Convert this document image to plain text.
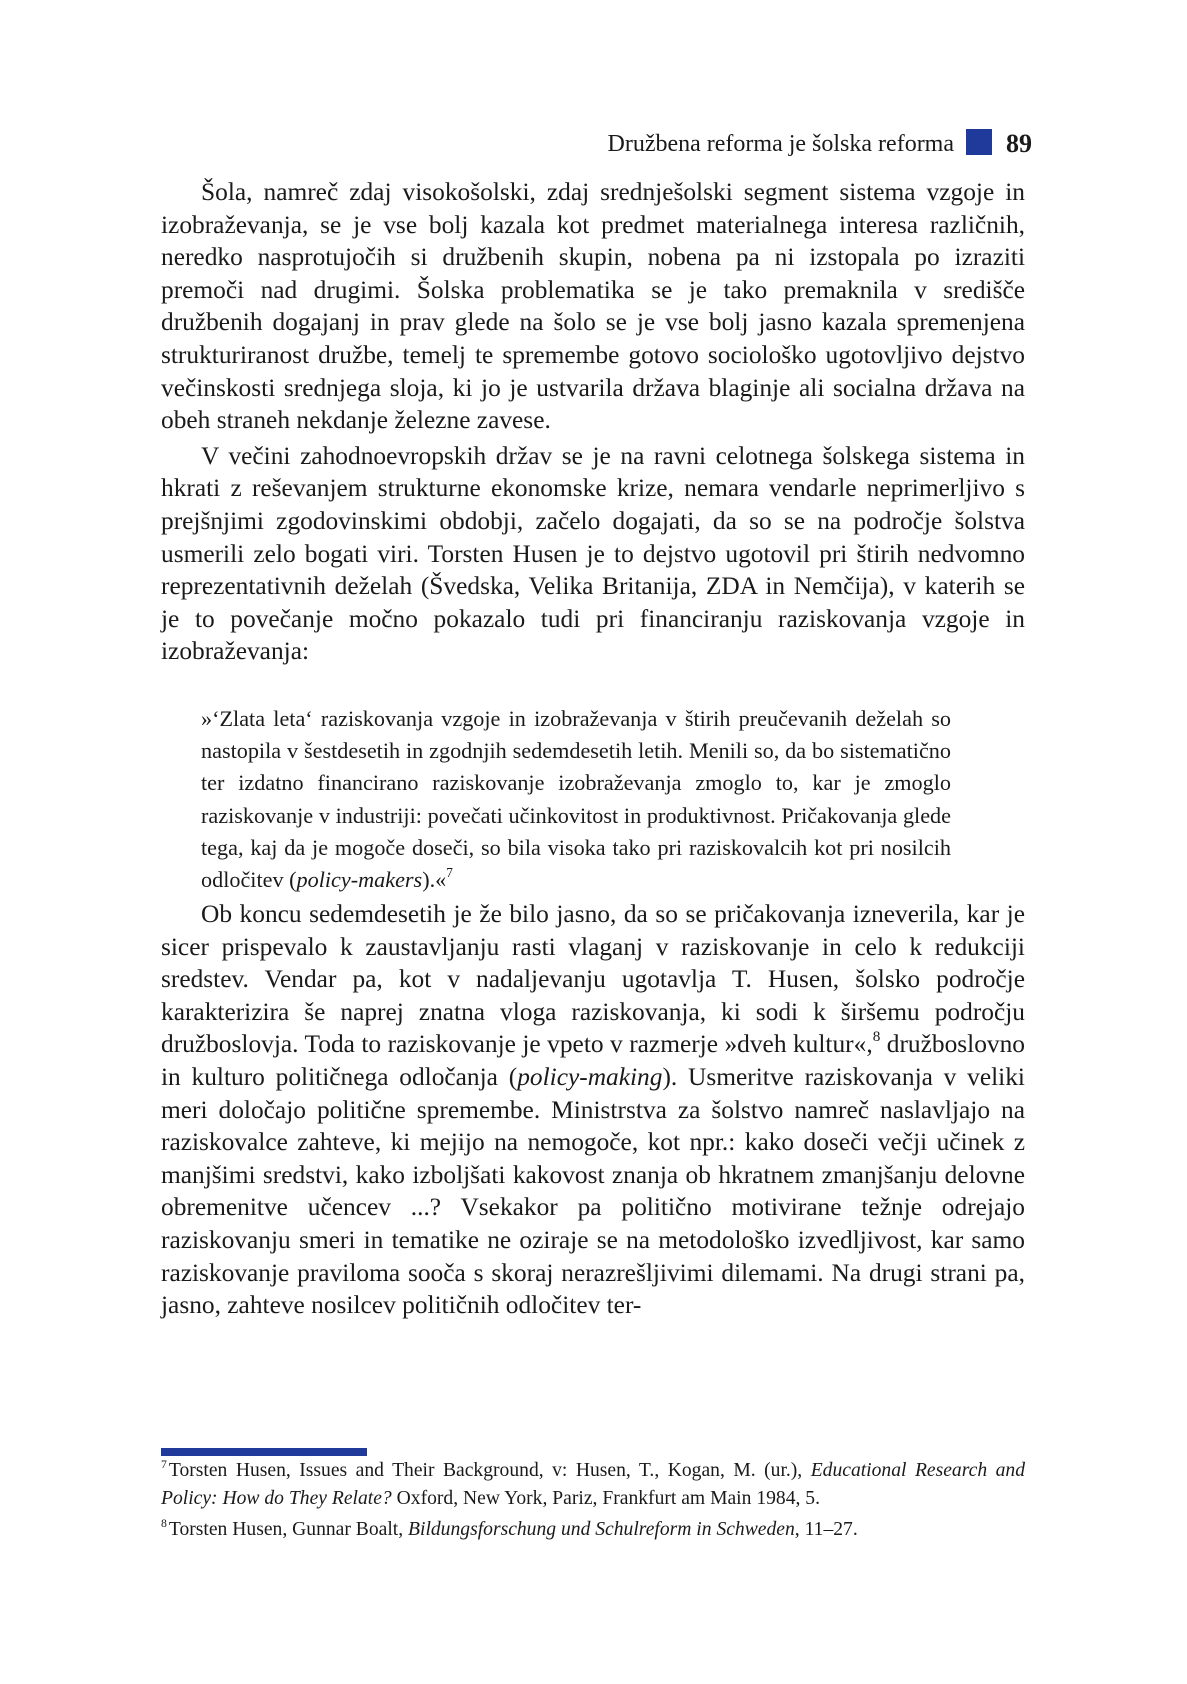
Družbena reforma je šolska reforma 89

Šola, namreč zdaj visokošolski, zdaj srednješolski segment sistema vzgoje in izobraževanja, se je vse bolj kazala kot predmet materialnega interesa različnih, neredko nasprotujočih si družbenih skupin, nobena pa ni izstopala po izraziti premoči nad drugimi. Šolska problematika se je tako premaknila v središče družbenih dogajanj in prav glede na šolo se je vse bolj jasno kazala spremenjena strukturiranost družbe, temelj te spremembe gotovo sociološko ugotovljivo dejstvo večinskosti srednjega sloja, ki jo je ustvarila država blaginje ali socialna država na obeh straneh nekdanje železne zavese.

V večini zahodnoevropskih držav se je na ravni celotnega šolskega sistema in hkrati z reševanjem strukturne ekonomske krize, nemara vendarle neprimerljivo s prejšnjimi zgodovinskimi obdobji, začelo dogajati, da so se na področje šolstva usmerili zelo bogati viri. Torsten Husen je to dejstvo ugotovil pri štirih nedvomno reprezentativnih deželah (Švedska, Velika Britanija, ZDA in Nemčija), v katerih se je to povečanje močno pokazalo tudi pri financiranju raziskovanja vzgoje in izobraževanja:

»‘Zlata leta‘ raziskovanja vzgoje in izobraževanja v štirih preučevanih deželah so nastopila v šestdesetih in zgodnjih sedemdesetih letih. Menili so, da bo sistematično ter izdatno financirano raziskovanje izobraževanja zmoglo to, kar je zmoglo raziskovanje v industriji: povečati učinkovitost in produktivnost. Pričakovanja glede tega, kaj da je mogoče doseči, so bila visoka tako pri raziskovalcih kot pri nosilcih odločitev (policy-makers).«$^7$

Ob koncu sedemdesetih je že bilo jasno, da so se pričakovanja izneverila, kar je sicer prispevalo k zaustavljanju rasti vlaganj v raziskovanje in celo k redukciji sredstev. Vendar pa, kot v nadaljevanju ugotavlja T. Husen, šolsko področje karakterizira še naprej znatna vloga raziskovanja, ki sodi k širšemu področju družboslovja. Toda to raziskovanje je vpeto v razmerje »dveh kultur«,$^8$ družboslovno in kulturo političnega odločanja (policy-making). Usmeritve raziskovanja v veliki meri določajo politične spremembe. Ministrstva za šolstvo namreč naslavljajo na raziskovalce zahteve, ki mejijo na nemogoče, kot npr.: kako doseči večji učinek z manjšimi sredstvi, kako izboljšati kakovost znanja ob hkratnem zmanjšanju delovne obremenitve učencev ...? Vsekakor pa politično motivirane težnje odrejajo raziskovanju smeri in tematike ne oziraje se na metodološko izvedljivost, kar samo raziskovanje praviloma sooča s skoraj nerazrešljivimi dilemami. Na drugi strani pa, jasno, zahteve nosilcev političnih odločitev ter-

$^7$ Torsten Husen, Issues and Their Background, v: Husen, T., Kogan, M. (ur.), Educational Research and Policy: How do They Relate? Oxford, New York, Pariz, Frankfurt am Main 1984, 5.

$^8$ Torsten Husen, Gunnar Boalt, Bildungsforschung und Schulreform in Schweden, 11–27.
